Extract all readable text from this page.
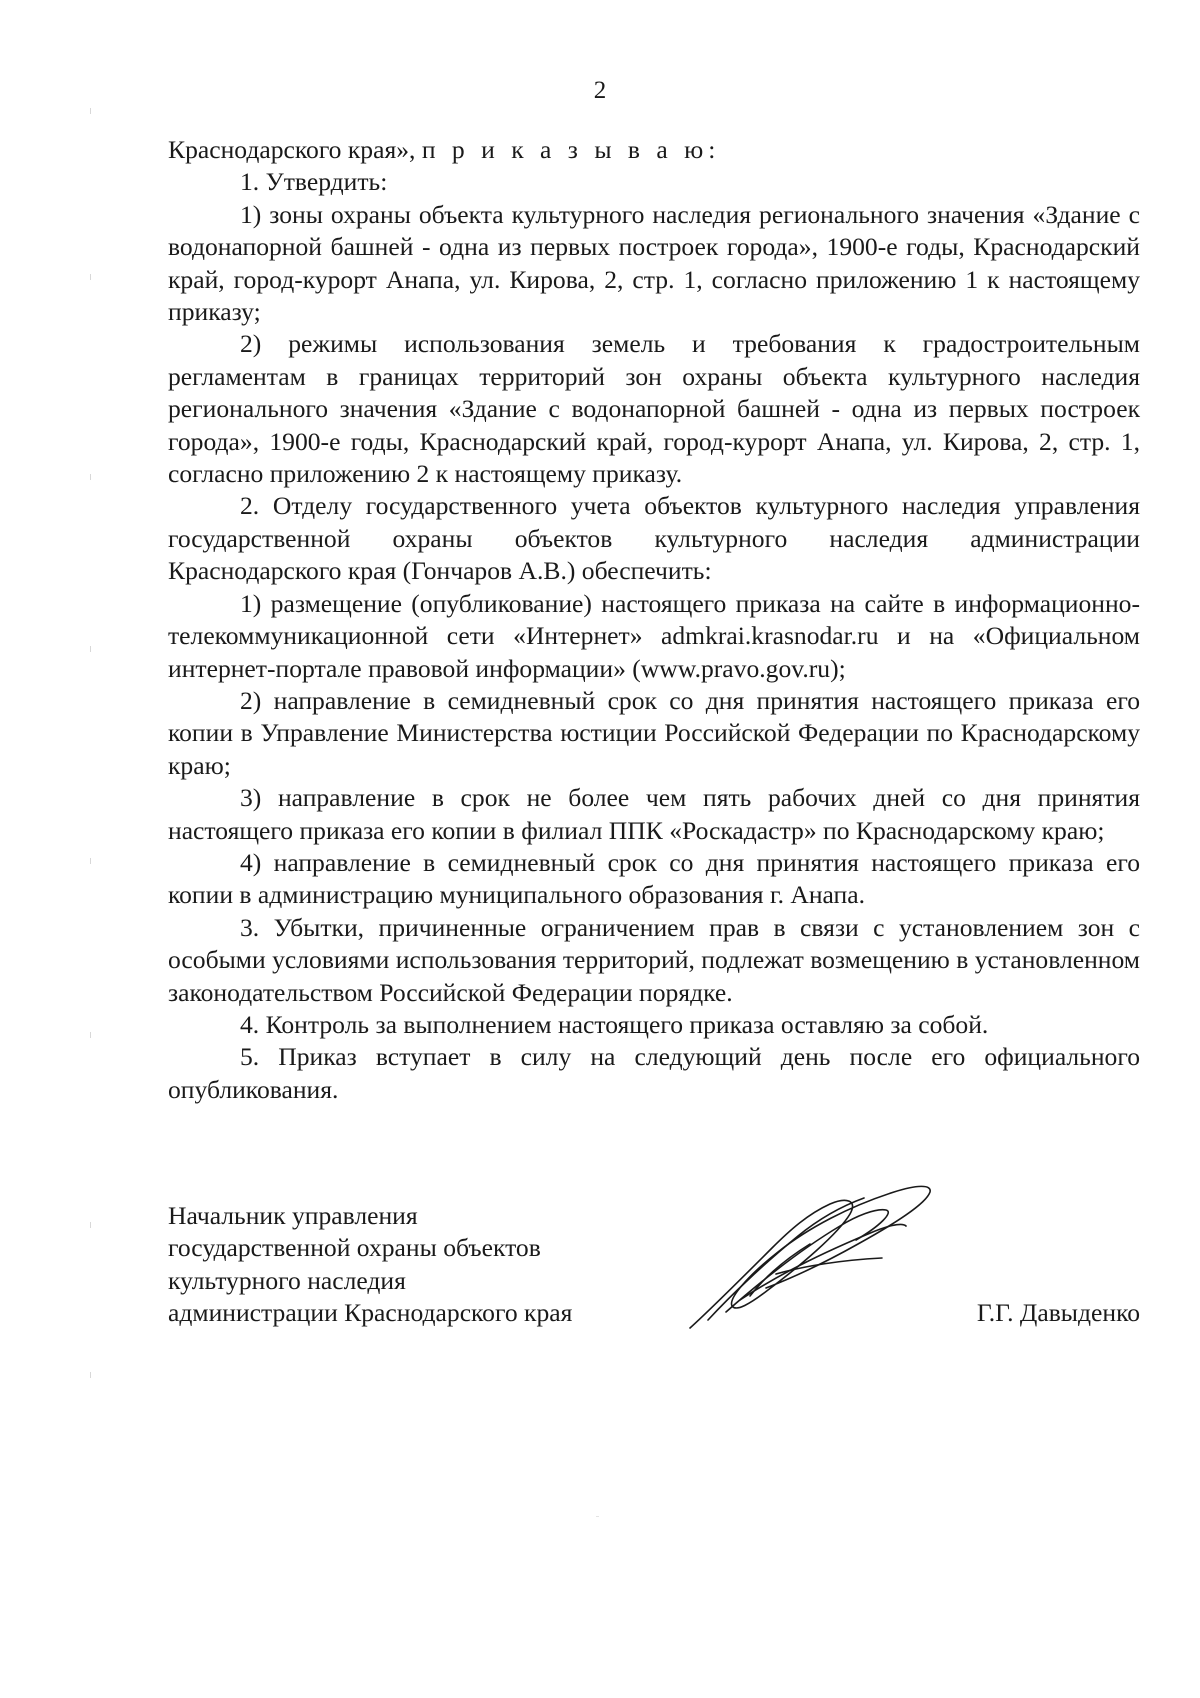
2

Краснодарского края», п р и к а з ы в а ю:

1. Утвердить:

1) зоны охраны объекта культурного наследия регионального значения «Здание с водонапорной башней - одна из первых построек города», 1900-е годы, Краснодарский край, город-курорт Анапа, ул. Кирова, 2, стр. 1, согласно приложению 1 к настоящему приказу;

2) режимы использования земель и требования к градостроительным регламентам в границах территорий зон охраны объекта культурного наследия регионального значения «Здание с водонапорной башней - одна из первых построек города», 1900-е годы, Краснодарский край, город-курорт Анапа, ул. Кирова, 2, стр. 1, согласно приложению 2 к настоящему приказу.

2. Отделу государственного учета объектов культурного наследия управления государственной охраны объектов культурного наследия администрации Краснодарского края (Гончаров А.В.) обеспечить:

1) размещение (опубликование) настоящего приказа на сайте в информационно-телекоммуникационной сети «Интернет» admkrai.krasnodar.ru и на «Официальном интернет-портале правовой информации» (www.pravo.gov.ru);

2) направление в семидневный срок со дня принятия настоящего приказа его копии в Управление Министерства юстиции Российской Федерации по Краснодарскому краю;

3) направление в срок не более чем пять рабочих дней со дня принятия настоящего приказа его копии в филиал ППК «Роскадастр» по Краснодарскому краю;

4) направление в семидневный срок со дня принятия настоящего приказа его копии в администрацию муниципального образования г. Анапа.

3. Убытки, причиненные ограничением прав в связи с установлением зон с особыми условиями использования территорий, подлежат возмещению в установленном законодательством Российской Федерации порядке.

4. Контроль за выполнением настоящего приказа оставляю за собой.

5. Приказ вступает в силу на следующий день после его официального опубликования.

Начальник управления
государственной охраны объектов
культурного наследия
администрации Краснодарского края	Г.Г. Давыденко
